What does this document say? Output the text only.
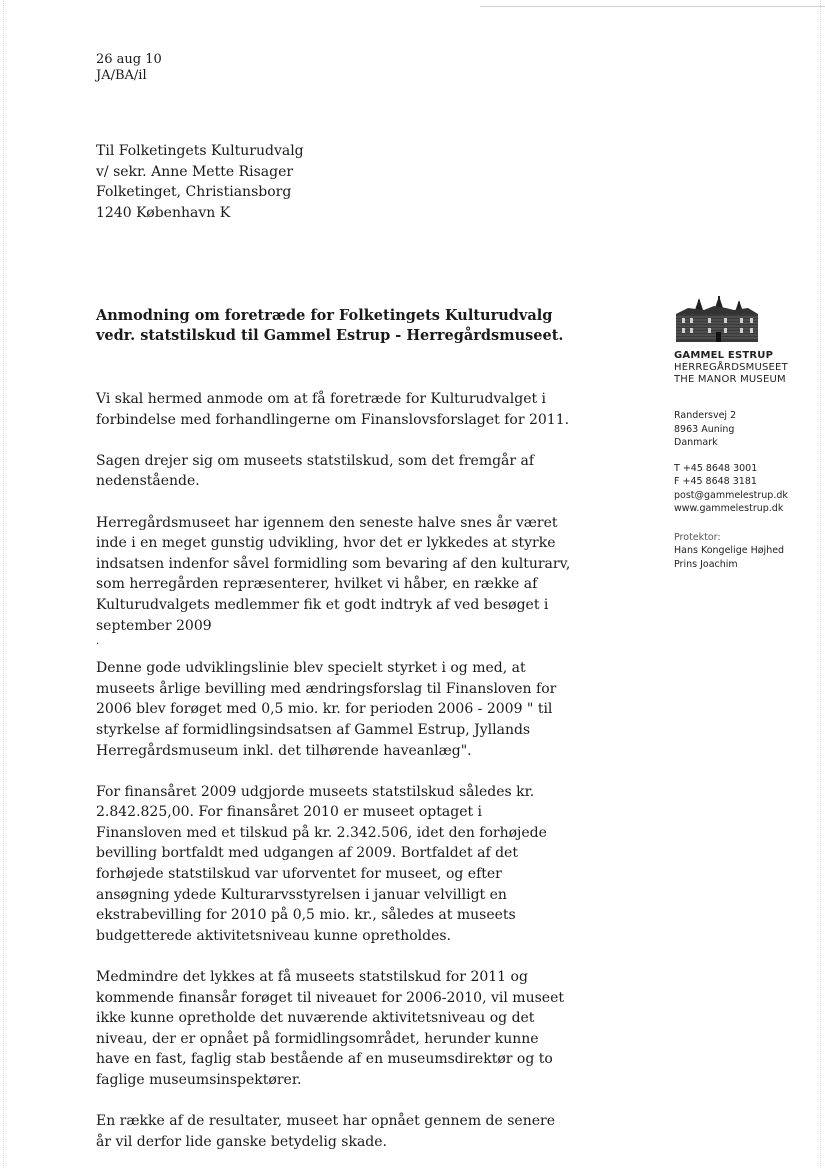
26 aug 10
JA/BA/il
Til Folketingets Kulturudvalg
v/ sekr. Anne Mette Risager
Folketinget, Christiansborg
1240 København K
Anmodning om foretræde for Folketingets Kulturudvalg
vedr. statstilskud til Gammel Estrup - Herregårdsmuseet.

Vi skal hermed anmode om at få foretræde for Kulturudvalget i forbindelse med forhandlingerne om Finanslovsforslaget for 2011.

Sagen drejer sig om museets statstilskud, som det fremgår af nedenstående.

Herregårdsmuseet har igennem den seneste halve snes år været inde i en meget gunstig udvikling, hvor det er lykkedes at styrke indsatsen indenfor såvel formidling som bevaring af den kulturarv, som herregården repræsenterer, hvilket vi håber, en række af Kulturudvalgets medlemmer fik et godt indtryk af ved besøget i september 2009

·

Denne gode udviklingslinie blev specielt styrket i og med, at museets årlige bevilling med ændringsforslag til Finansloven for 2006 blev forøget med 0,5 mio. kr. for perioden 2006 - 2009 " til styrkelse af formidlingsindsatsen af Gammel Estrup, Jyllands Herregårdsmuseum inkl. det tilhørende haveanlæg".

For finansåret 2009 udgjorde museets statstilskud således kr. 2.842.825,00. For finansåret 2010 er museet optaget i Finansloven med et tilskud på kr. 2.342.506, idet den forhøjede bevilling bortfaldt med udgangen af 2009. Bortfaldet af det forhøjede statstilskud var uforventet for museet, og efter ansøgning ydede Kulturarvsstyrelsen i januar velvilligt en ekstrabevilling for 2010 på 0,5 mio. kr., således at museets budgetterede aktivitetsniveau kunne opretholdes.

Medmindre det lykkes at få museets statstilskud for 2011 og kommende finansår forøget til niveauet for 2006-2010, vil museet ikke kunne opretholde det nuværende aktivitetsniveau og det niveau, der er opnået på formidlingsområdet, herunder kunne have en fast, faglig stab bestående af en museumsdirektør og to faglige museumsinspektører.

En række af de resultater, museet har opnået gennem de senere år vil derfor lide ganske betydelig skade.

GAMMEL ESTRUP
HERREGÅRDSMUSEET
THE MANOR MUSEUM
Randersvej 2
8963 Auning
Danmark
T +45 8648 3001
F +45 8648 3181
post@gammelestrup.dk
www.gammelestrup.dk
Protektor:
Hans Kongelige Højhed
Prins Joachim
